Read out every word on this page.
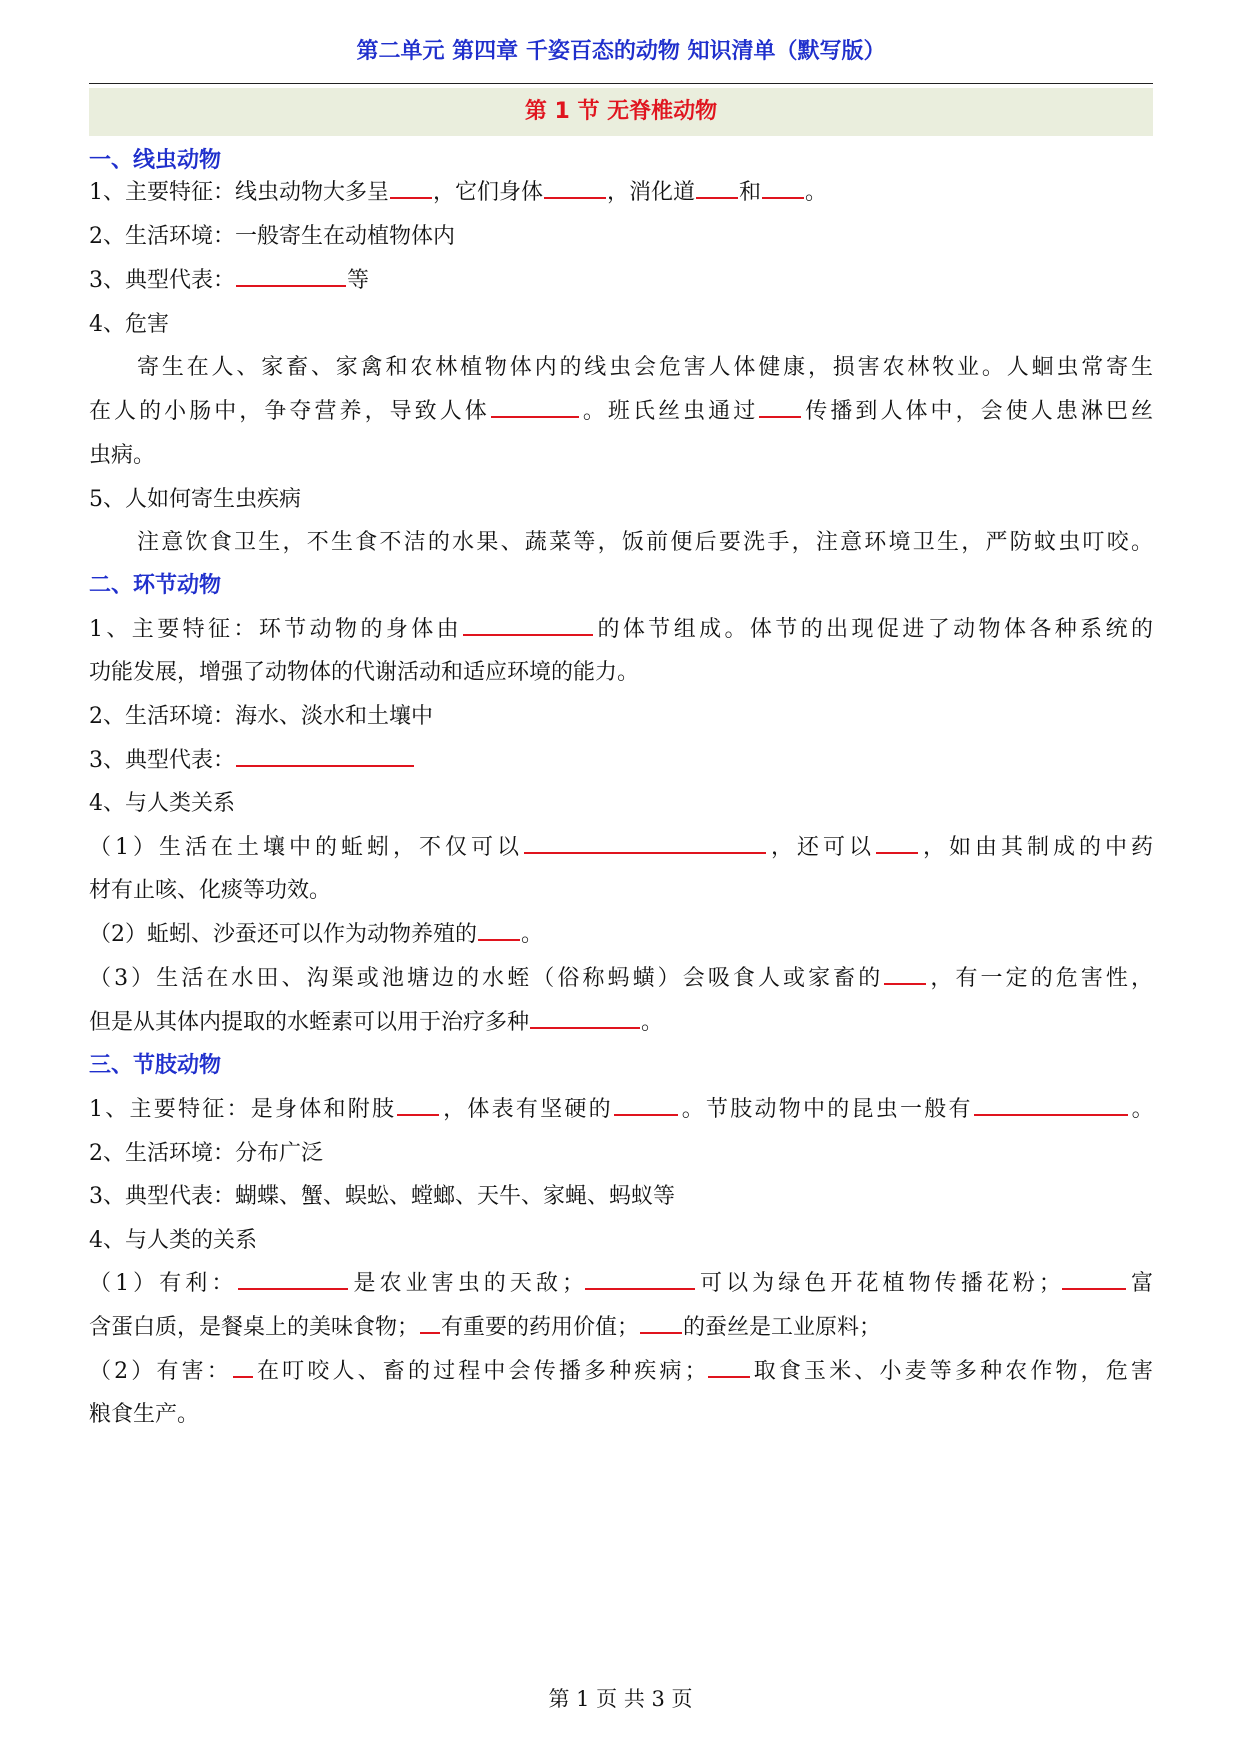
第二单元 第四章 千姿百态的动物 知识清单（默写版）
第 1 节 无脊椎动物
一、线虫动物
1、主要特征：线虫动物大多呈 ，它们身体	，消化道 和 。
2、生活环境：一般寄生在动植物体内
3、典型代表：	等
4、危害
寄生在人、家畜、家禽和农林植物体内的线虫会危害人体健康，损害农林牧业。人蛔虫常寄生
在人的小肠中，争夺营养，导致人体	。班氏丝虫通过 传播到人体中，会使人患淋巴丝
虫病。
5、人如何寄生虫疾病
注意饮食卫生，不生食不洁的水果、蔬菜等，饭前便后要洗手，注意环境卫生，严防蚊虫叮咬。
二、环节动物
1、主要特征：环节动物的身体由	的体节组成。体节的出现促进了动物体各种系统的
功能发展，增强了动物体的代谢活动和适应环境的能力。
2、生活环境：海水、淡水和土壤中
3、典型代表：
4、与人类关系
（1）生活在土壤中的蚯蚓，不仅可以	，还可以 ，如由其制成的中药
材有止咳、化痰等功效。
（2）蚯蚓、沙蚕还可以作为动物养殖的 。
（3）生活在水田、沟渠或池塘边的水蛭（俗称蚂蟥）会吸食人或家畜的 ，有一定的危害性，
但是从其体内提取的水蛭素可以用于治疗多种	。
三、节肢动物
1、主要特征：是身体和附肢 ，体表有坚硬的	。节肢动物中的昆虫一般有	。
2、生活环境：分布广泛
3、典型代表：蝴蝶、蟹、蜈蚣、螳螂、天牛、家蝇、蚂蚁等
4、与人类的关系
（1）有利：	是农业害虫的天敌；	可以为绿色开花植物传播花粉；	富
含蛋白质，是餐桌上的美味食物； 有重要的药用价值； 的蚕丝是工业原料；
（2）有害： 在叮咬人、畜的过程中会传播多种疾病； 取食玉米、小麦等多种农作物，危害
粮食生产。
第 1 页 共 3 页
